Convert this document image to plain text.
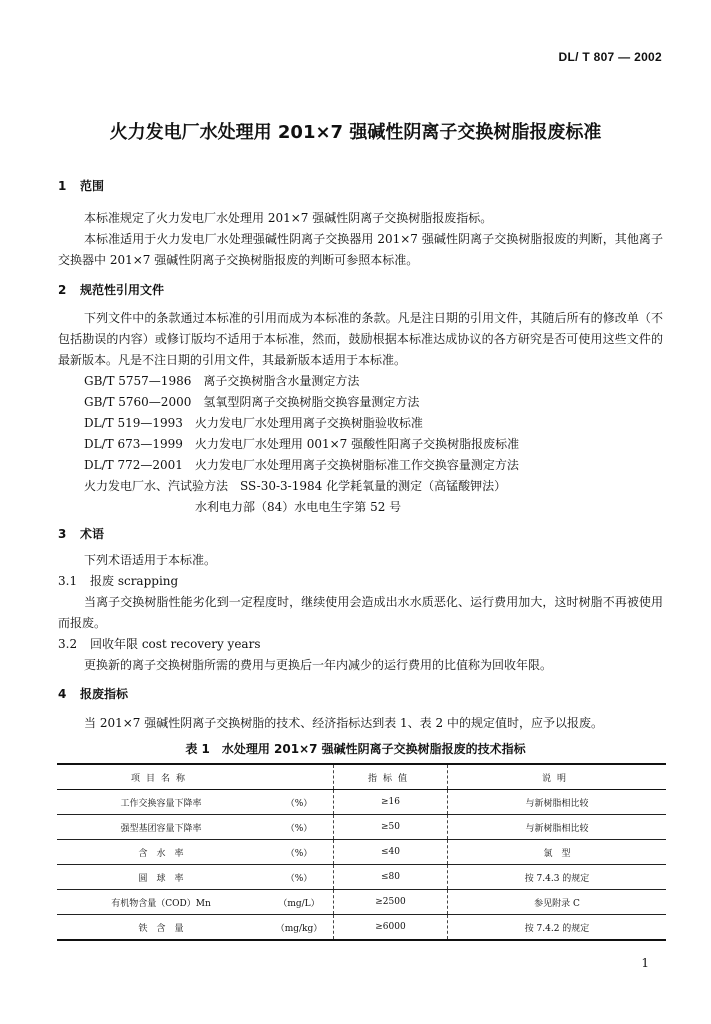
DL/ T 807 — 2002
火力发电厂水处理用 201×7 强碱性阴离子交换树脂报废标准
1 范围
本标准规定了火力发电厂水处理用 201×7 强碱性阴离子交换树脂报废指标。
本标准适用于火力发电厂水处理强碱性阴离子交换器用 201×7 强碱性阴离子交换树脂报废的判断，其他离子交换器中 201×7 强碱性阴离子交换树脂报废的判断可参照本标准。
2 规范性引用文件
下列文件中的条款通过本标准的引用而成为本标准的条款。凡是注日期的引用文件，其随后所有的修改单（不包括勘误的内容）或修订版均不适用于本标准，然而，鼓励根据本标准达成协议的各方研究是否可使用这些文件的最新版本。凡是不注日期的引用文件，其最新版本适用于本标准。
GB/T 5757—1986　离子交换树脂含水量测定方法
GB/T 5760—2000　氢氧型阴离子交换树脂交换容量测定方法
DL/T 519—1993　火力发电厂水处理用离子交换树脂验收标准
DL/T 673—1999　火力发电厂水处理用 001×7 强酸性阳离子交换树脂报废标准
DL/T 772—2001　火力发电厂水处理用离子交换树脂标准工作交换容量测定方法
火力发电厂水、汽试验方法　SS-30-3-1984 化学耗氧量的测定（高锰酸钾法）
水利电力部（84）水电电生字第 52 号
3 术语
下列术语适用于本标准。
3.1 报废 scrapping
当离子交换树脂性能劣化到一定程度时，继续使用会造成出水水质恶化、运行费用加大，这时树脂不再被使用而报废。
3.2 回收年限 cost recovery years
更换新的离子交换树脂所需的费用与更换后一年内减少的运行费用的比值称为回收年限。
4 报废指标
当 201×7 强碱性阴离子交换树脂的技术、经济指标达到表 1、表 2 中的规定值时，应予以报废。
表 1　水处理用 201×7 强碱性阴离子交换树脂报废的技术指标
项目名称		指标值	说明
工作交换容量下降率	（%）	≥16	与新树脂相比较
强型基团容量下降率	（%）	≥50	与新树脂相比较
含　水　率	（%）	≤40	氯　型
圆　球　率	（%）	≤80	按 7.4.3 的规定
有机物含量（COD）Mn	（mg/L）	≥2500	参见附录 C
铁　含　量	（mg/kg）	≥6000	按 7.4.2 的规定
1
